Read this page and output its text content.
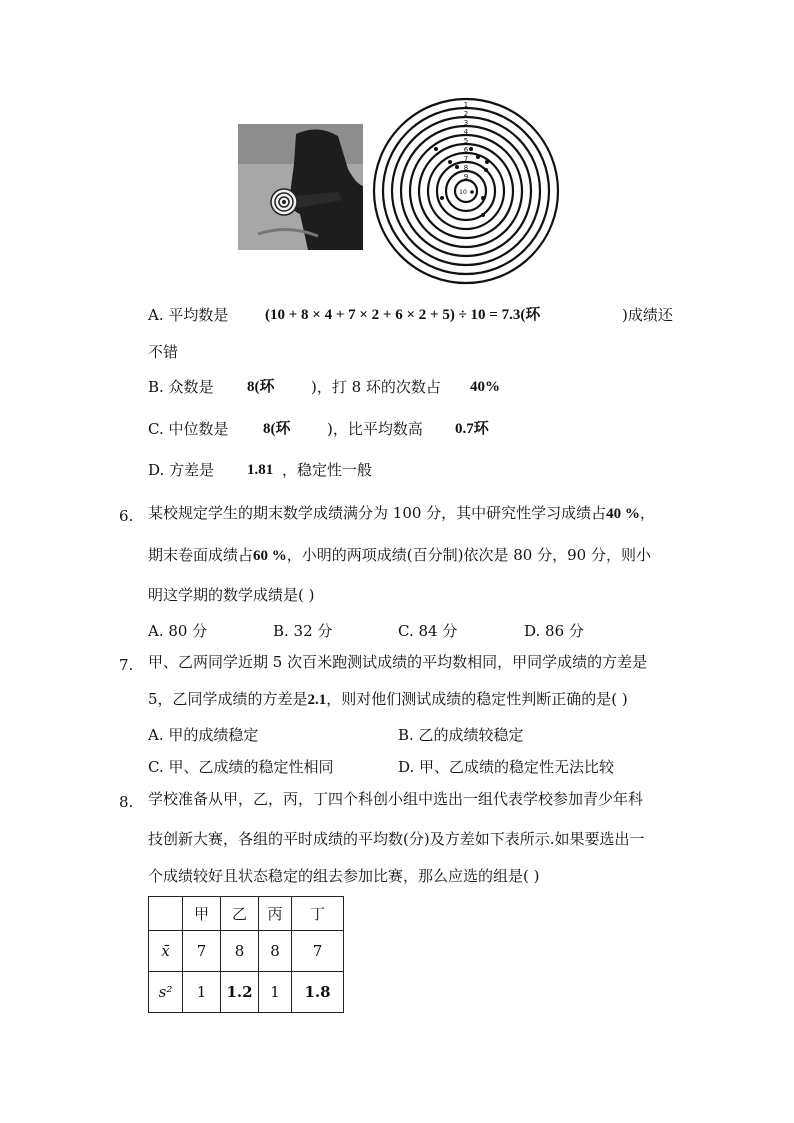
1
2
3
4
5
6
7
8
9
10
A. 平均数是 (10 + 8 × 4 + 7 × 2 + 6 × 2 + 5) ÷ 10 = 7.3(环	)成绩还
不错
B. 众数是 8(环 )，打 8 环的次数占 40%
C. 中位数是 8(环 )，比平均数高 0.7环
D. 方差是 1.81 ，稳定性一般
6. 某校规定学生的期末数学成绩满分为 100 分，其中研究性学习成绩占40 %，
期末卷面成绩占60 %，小明的两项成绩(百分制)依次是 80 分，90 分，则小
明这学期的数学成绩是( )
A. 80 分	B. 32 分	C. 84 分	D. 86 分
7. 甲、乙两同学近期 5 次百米跑测试成绩的平均数相同，甲同学成绩的方差是
5，乙同学成绩的方差是2.1，则对他们测试成绩的稳定性判断正确的是( )
A. 甲的成绩稳定	B. 乙的成绩较稳定
C. 甲、乙成绩的稳定性相同	D. 甲、乙成绩的稳定性无法比较
8. 学校准备从甲，乙，丙，丁四个科创小组中选出一组代表学校参加青少年科
技创新大赛，各组的平时成绩的平均数(分)及方差如下表所示.如果要选出一
个成绩较好且状态稳定的组去参加比赛，那么应选的组是( )
	甲	乙	丙	丁
x̄	7	8	8	7
s²	1	1.2	1	1.8
